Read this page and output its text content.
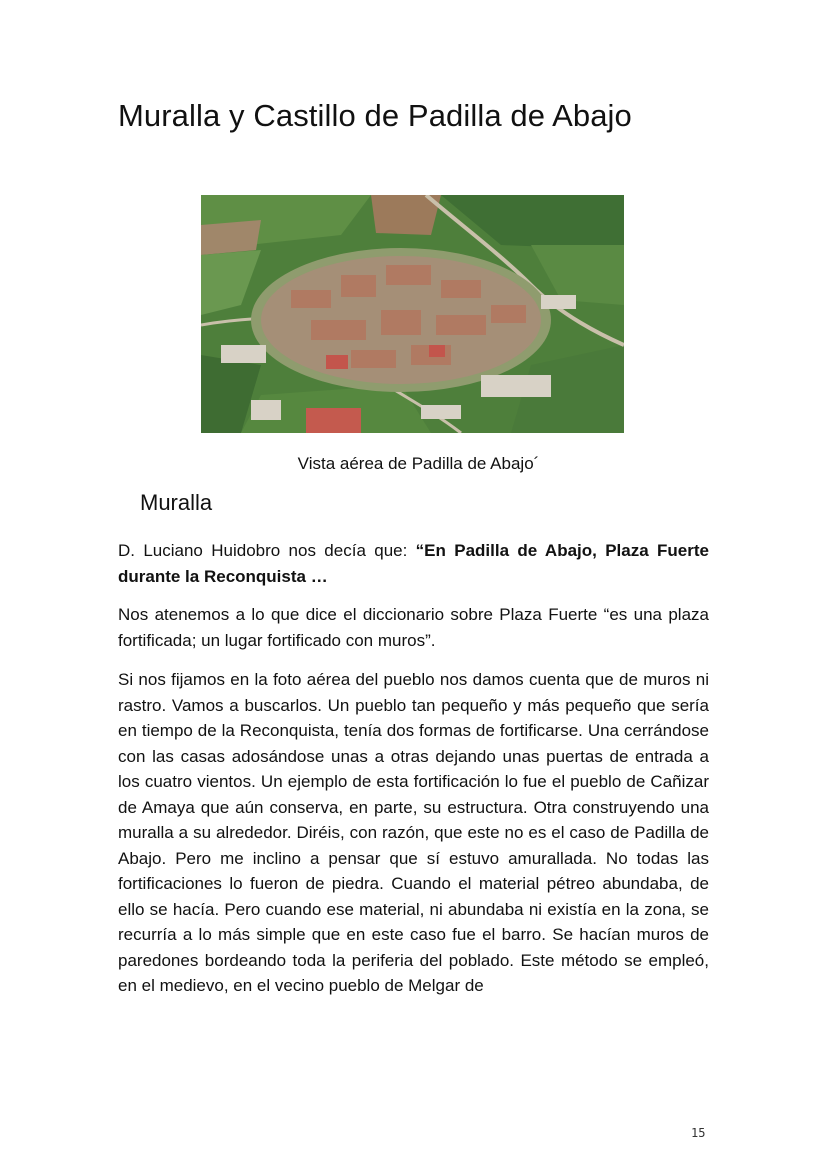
Muralla y Castillo de Padilla de Abajo
Vista aérea de Padilla de Abajo´
Muralla

D. Luciano Huidobro nos decía que: “En Padilla de Abajo, Plaza Fuerte durante la Reconquista …

Nos atenemos a lo que dice el diccionario sobre Plaza Fuerte “es una plaza fortificada; un lugar fortificado con muros”.

Si nos fijamos en la foto aérea del pueblo nos damos cuenta que de muros ni rastro. Vamos a buscarlos. Un pueblo tan pequeño y más pequeño que sería en tiempo de la Reconquista, tenía dos formas de fortificarse. Una cerrándose con las casas adosándose unas a otras dejando unas puertas de entrada a los cuatro vientos. Un ejemplo de esta fortificación lo fue el pueblo de Cañizar de Amaya que aún conserva, en parte, su estructura. Otra construyendo una muralla a su alrededor. Diréis, con razón, que este no es el caso de Padilla de Abajo. Pero me inclino a pensar que sí estuvo amurallada. No todas las fortificaciones lo fueron de piedra. Cuando el material pétreo abundaba, de ello se hacía. Pero cuando ese material, ni abundaba ni existía en la zona, se recurría a lo más simple que en este caso fue el barro. Se hacían muros de paredones bordeando toda la periferia del poblado. Este método se empleó, en el medievo, en el vecino pueblo de Melgar de

15
